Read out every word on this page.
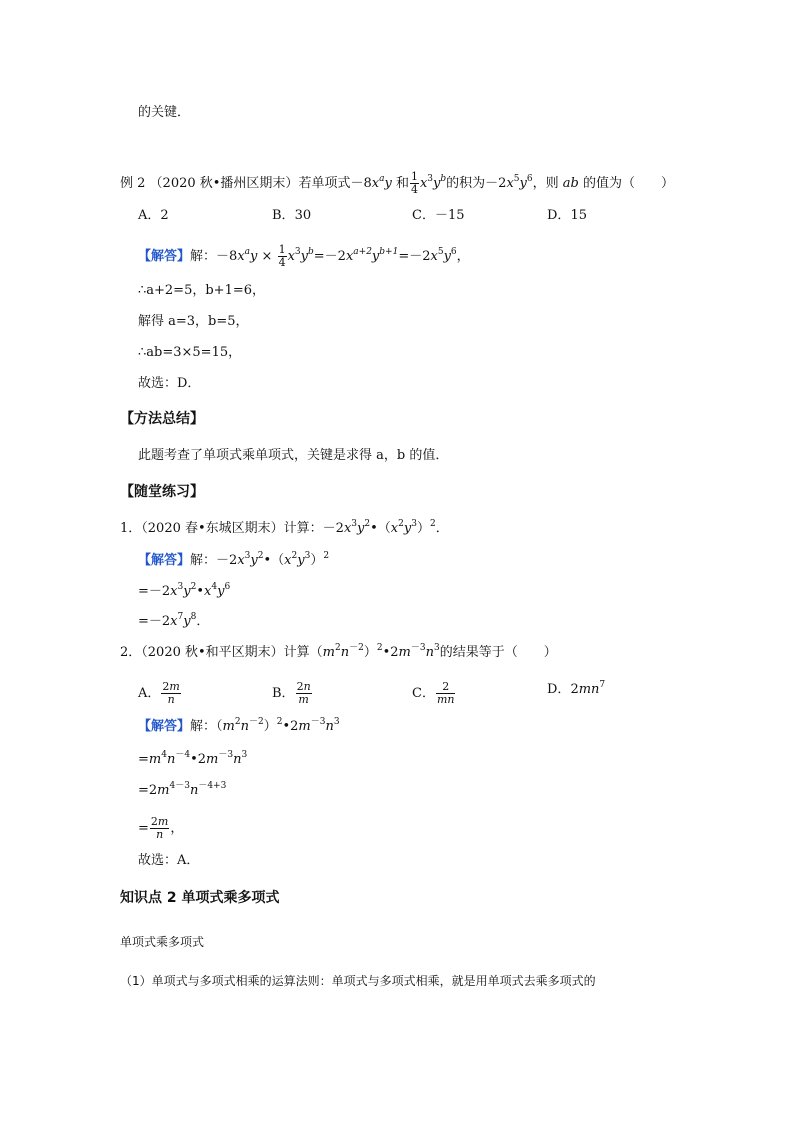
的关键．
例 2 （2020 秋•播州区期末）若单项式$-8x^ay$ 和 $\frac{1}{4} x^3y^b$的积为$-2x^5y^6$，则 ab 的值为（　　）
A．2	B．30	C．－15	D．15
【解答】解：$-8x^ay \times \frac{1}{4} x^3y^b=-2x^{a+2}y^{b+1}=-2x^5y^6$，
∴a+2=5，b+1=6，
解得 a=3，b=5，
∴ab=3×5=15，
故选：D．
【方法总结】
此题考查了单项式乘单项式，关键是求得 a，b 的值．
【随堂练习】
1．（2020 春•东城区期末）计算：$-2x^3y^2•(x^2y^3)^2$．
【解答】解：$-2x^3y^2•(x^2y^3)^2$
$=-2x^3y^2•x^4y^6$
$=-2x^7y^8$．
2．（2020 秋•和平区期末）计算$(m^2n^{-2})^2•2m^{-3}n^3$的结果等于（　　）
A． $\frac{2m}{n}$	B． $\frac{2n}{m}$	C． $\frac{2}{mn}$	D．$2mn^7$
【解答】解：$(m^2n^{-2})^2•2m^{-3}n^3$
$=m^4n^{-4}•2m^{-3}n^3$
$=2m^{4-3}n^{-4+3}$
= $\frac{2m}{n}$ ，
故选：A．
知识点 2 单项式乘多项式
单项式乘多项式
（1）单项式与多项式相乘的运算法则：单项式与多项式相乘，就是用单项式去乘多项式的
